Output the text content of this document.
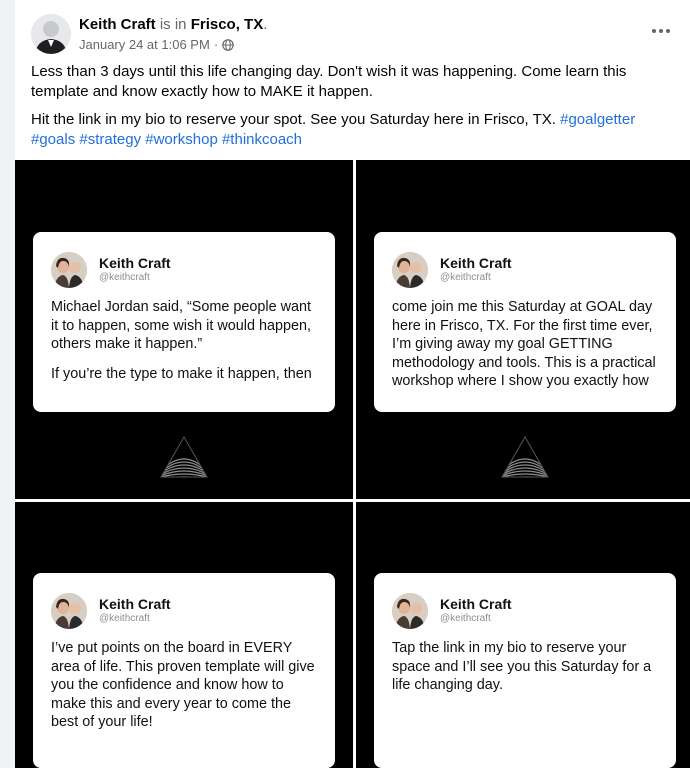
Keith Craft is in Frisco, TX.
January 24 at 1:06 PM ·

Less than 3 days until this life changing day. Don't wish it was happening. Come learn this template and know exactly how to MAKE it happen.

Hit the link in my bio to reserve your spot. See you Saturday here in Frisco, TX. #goalgetter #goals #strategy #workshop #thinkcoach

Keith Craft
@keithcraft

Michael Jordan said, “Some people want it to happen, some wish it would happen, others make it happen.”

If you’re the type to make it happen, then

Keith Craft
@keithcraft

come join me this Saturday at GOAL day here in Frisco, TX. For the first time ever, I’m giving away my goal GETTING methodology and tools. This is a practical workshop where I show you exactly how

Keith Craft
@keithcraft

I’ve put points on the board in EVERY area of life. This proven template will give you the confidence and know how to make this and every year to come the best of your life!

Keith Craft
@keithcraft

Tap the link in my bio to reserve your space and I’ll see you this Saturday for a life changing day.
